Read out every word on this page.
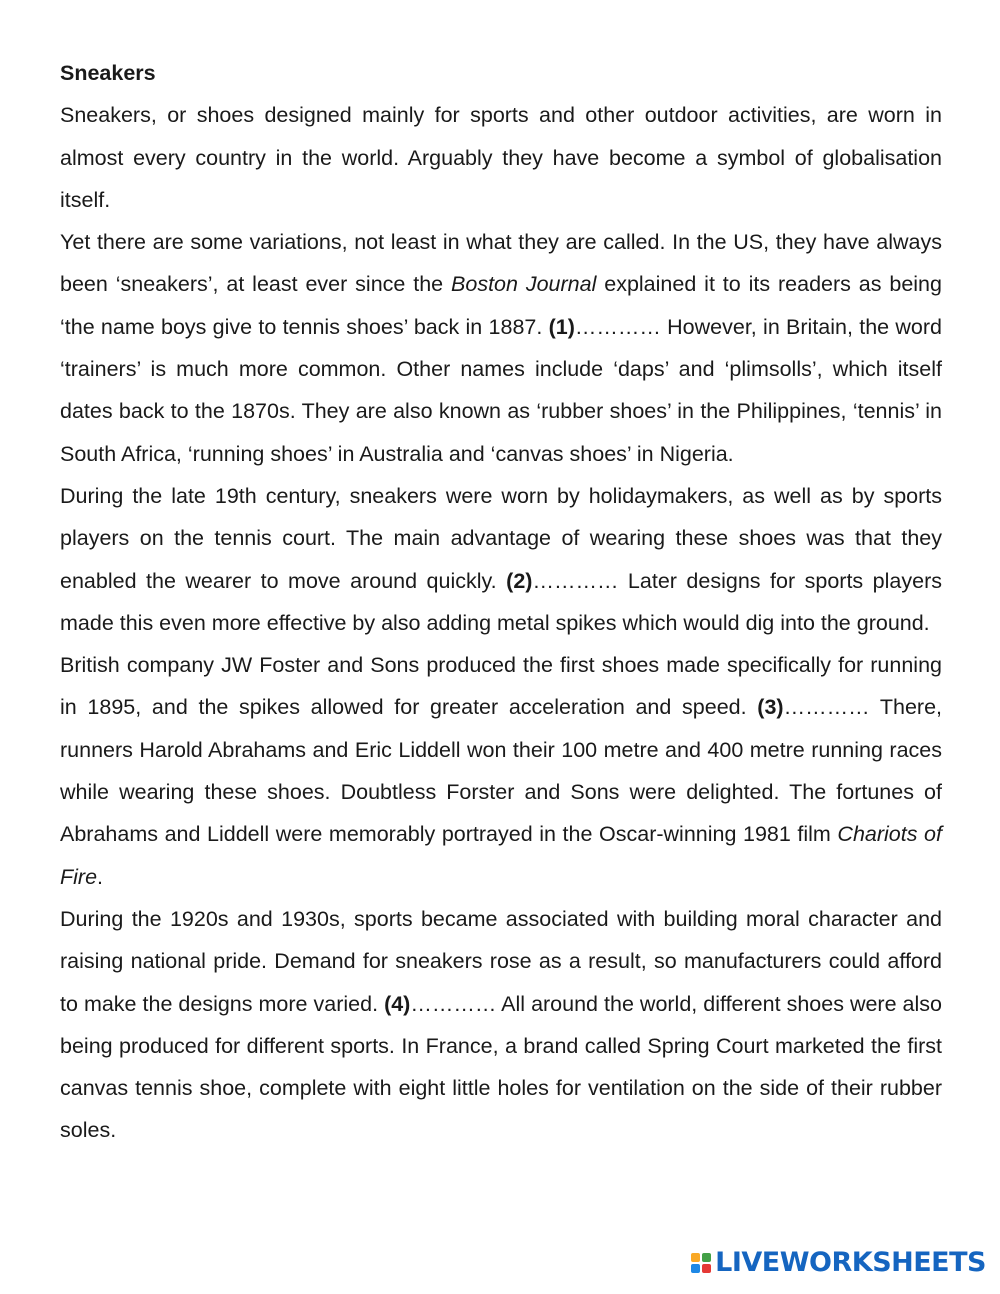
Sneakers

Sneakers, or shoes designed mainly for sports and other outdoor activities, are worn in almost every country in the world. Arguably they have become a symbol of globalisation itself.

Yet there are some variations, not least in what they are called. In the US, they have always been ‘sneakers’, at least ever since the Boston Journal explained it to its readers as being ‘the name boys give to tennis shoes’ back in 1887. (1)………… However, in Britain, the word ‘trainers’ is much more common. Other names include ‘daps’ and ‘plimsolls’, which itself dates back to the 1870s. They are also known as ‘rubber shoes’ in the Philippines, ‘tennis’ in South Africa, ‘running shoes’ in Australia and ‘canvas shoes’ in Nigeria.

During the late 19th century, sneakers were worn by holidaymakers, as well as by sports players on the tennis court. The main advantage of wearing these shoes was that they enabled the wearer to move around quickly. (2)………… Later designs for sports players made this even more effective by also adding metal spikes which would dig into the ground.

British company JW Foster and Sons produced the first shoes made specifically for running in 1895, and the spikes allowed for greater acceleration and speed. (3)………… There, runners Harold Abrahams and Eric Liddell won their 100 metre and 400 metre running races while wearing these shoes. Doubtless Forster and Sons were delighted. The fortunes of Abrahams and Liddell were memorably portrayed in the Oscar-winning 1981 film Chariots of Fire.

During the 1920s and 1930s, sports became associated with building moral character and raising national pride. Demand for sneakers rose as a result, so manufacturers could afford to make the designs more varied. (4)………… All around the world, different shoes were also being produced for different sports. In France, a brand called Spring Court marketed the first canvas tennis shoe, complete with eight little holes for ventilation on the side of their rubber soles.

LIVEWORKSHEETS
